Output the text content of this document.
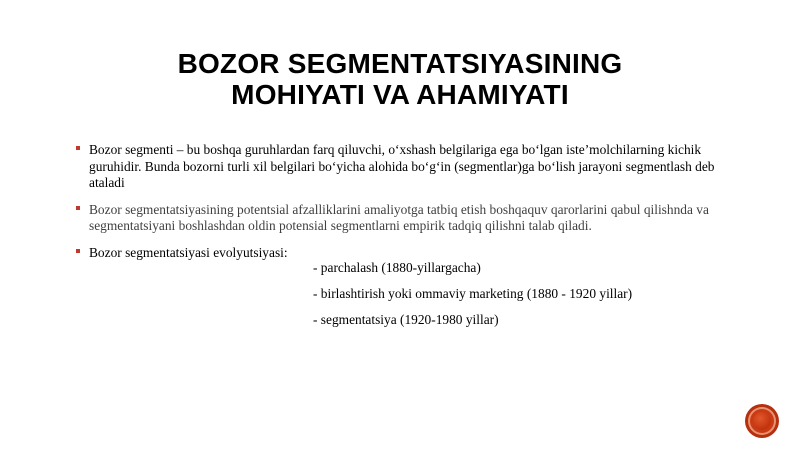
BOZOR SEGMENTATSIYASINING
MOHIYATI VA AHAMIYATI
Bozor segmenti – bu boshqa guruhlardan farq qiluvchi, oʻxshash belgilariga ega boʻlgan isteʼmolchilarning kichik guruhidir. Bunda bozorni turli xil belgilari boʻyicha alohida boʻgʻin (segmentlar)ga boʻlish jarayoni segmentlash deb ataladi
Bozor segmentatsiyasining potentsial afzalliklarini amaliyotga tatbiq etish boshqaquv qarorlarini qabul qilishnda va segmentatsiyani boshlashdan oldin potensial segmentlarni empirik tadqiq qilishni talab qiladi.
Bozor segmentatsiyasi evolyutsiyasi:
- parchalash (1880-yillargacha)
- birlashtirish yoki ommaviy marketing (1880 - 1920 yillar)
- segmentatsiya (1920-1980 yillar)
